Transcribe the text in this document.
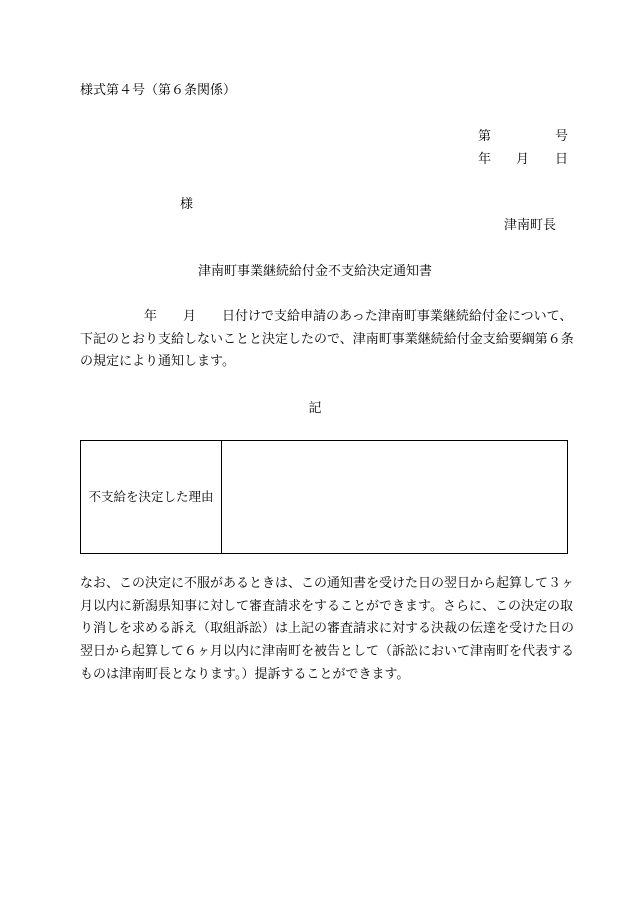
様式第４号（第６条関係）
第	号
年 月 日
様
津南町長
津南町事業継続給付金不支給決定通知書
年 月 日付けで支給申請のあった津南町事業継続給付金について、
下記のとおり支給しないことと決定したので、津南町事業継続給付金支給要綱第６条
の規定により通知します。
記
不支給を決定した理由	
なお、この決定に不服があるときは、この通知書を受けた日の翌日から起算して３ヶ
月以内に新潟県知事に対して審査請求をすることができます。さらに、この決定の取
り消しを求める訴え（取組訴訟）は上記の審査請求に対する決裁の伝達を受けた日の
翌日から起算して６ヶ月以内に津南町を被告として（訴訟において津南町を代表する
ものは津南町長となります。）提訴することができます。
